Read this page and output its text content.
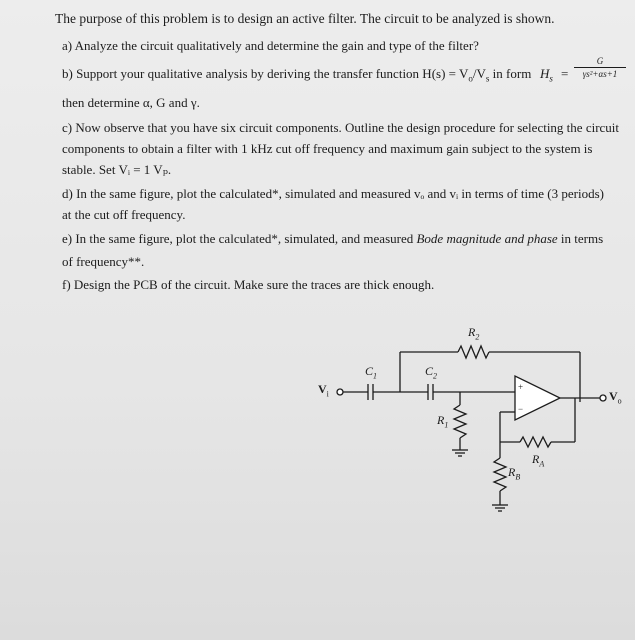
The purpose of this problem is to design an active filter. The circuit to be analyzed is shown.
a) Analyze the circuit qualitatively and determine the gain and type of the filter?
b) Support your qualitative analysis by deriving the transfer function $H(s) = V_o/V_s$ in form $H_s$ =
G
γs²+αs+1
then determine α, G and γ.
c) Now observe that you have six circuit components. Outline the design procedure for selecting the circuit
components to obtain a filter with 1 kHz cut off frequency and maximum gain subject to the system is
stable. Set Vᵢ = 1 Vₚ.
d) In the same figure, plot the calculated*, simulated and measured vₒ and vᵢ in terms of time (3 periods)
at the cut off frequency.
e) In the same figure, plot the calculated*, simulated, and measured Bode magnitude and phase in terms
of frequency**.
f) Design the PCB of the circuit. Make sure the traces are thick enough.
$R_2$
$C_1$	$C_2$
$R_1$
$R_A$
$R_B$
$V_i$	$V_o$
+
−
